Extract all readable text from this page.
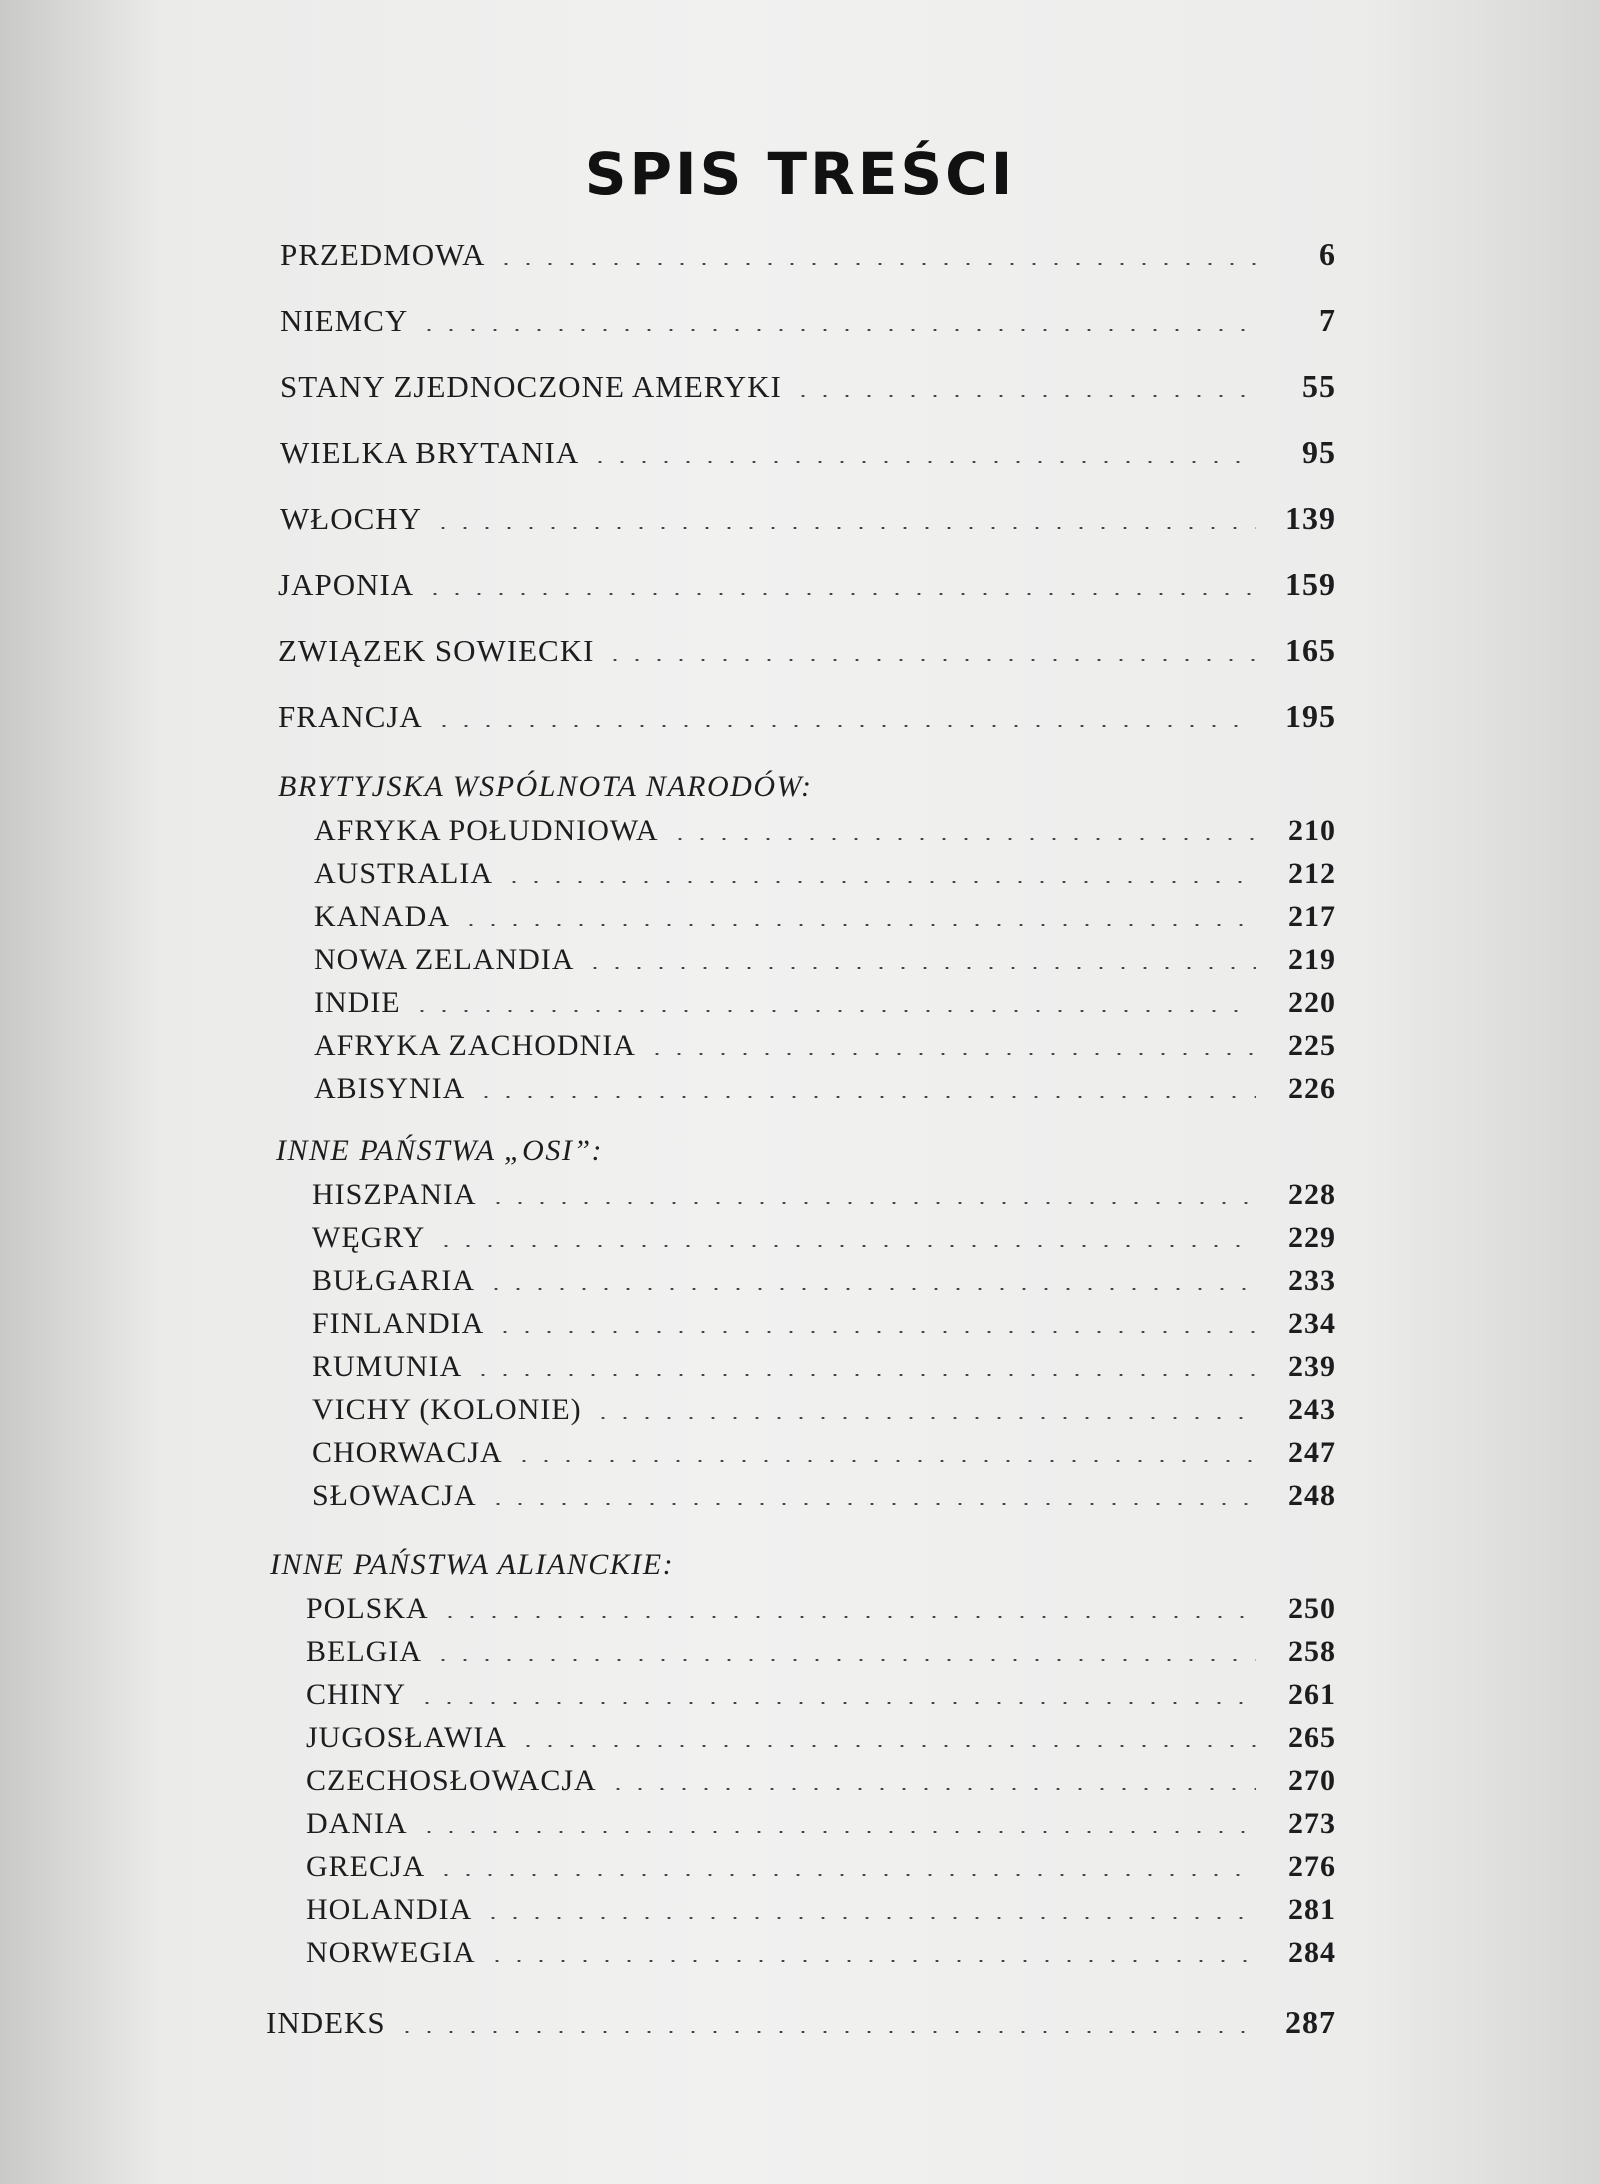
SPIS TREŚCI
PRZEDMOWA	6
NIEMCY	7
STANY ZJEDNOCZONE AMERYKI	55
WIELKA BRYTANIA	95
WŁOCHY	139
JAPONIA	159
ZWIĄZEK SOWIECKI	165
FRANCJA	195
BRYTYJSKA WSPÓLNOTA NARODÓW:
AFRYKA POŁUDNIOWA	210
AUSTRALIA	212
KANADA	217
NOWA ZELANDIA	219
INDIE	220
AFRYKA ZACHODNIA	225
ABISYNIA	226
INNE PAŃSTWA „OSI”:
HISZPANIA	228
WĘGRY	229
BUŁGARIA	233
FINLANDIA	234
RUMUNIA	239
VICHY (KOLONIE)	243
CHORWACJA	247
SŁOWACJA	248
INNE PAŃSTWA ALIANCKIE:
POLSKA	250
BELGIA	258
CHINY	261
JUGOSŁAWIA	265
CZECHOSŁOWACJA	270
DANIA	273
GRECJA	276
HOLANDIA	281
NORWEGIA	284
INDEKS	287
